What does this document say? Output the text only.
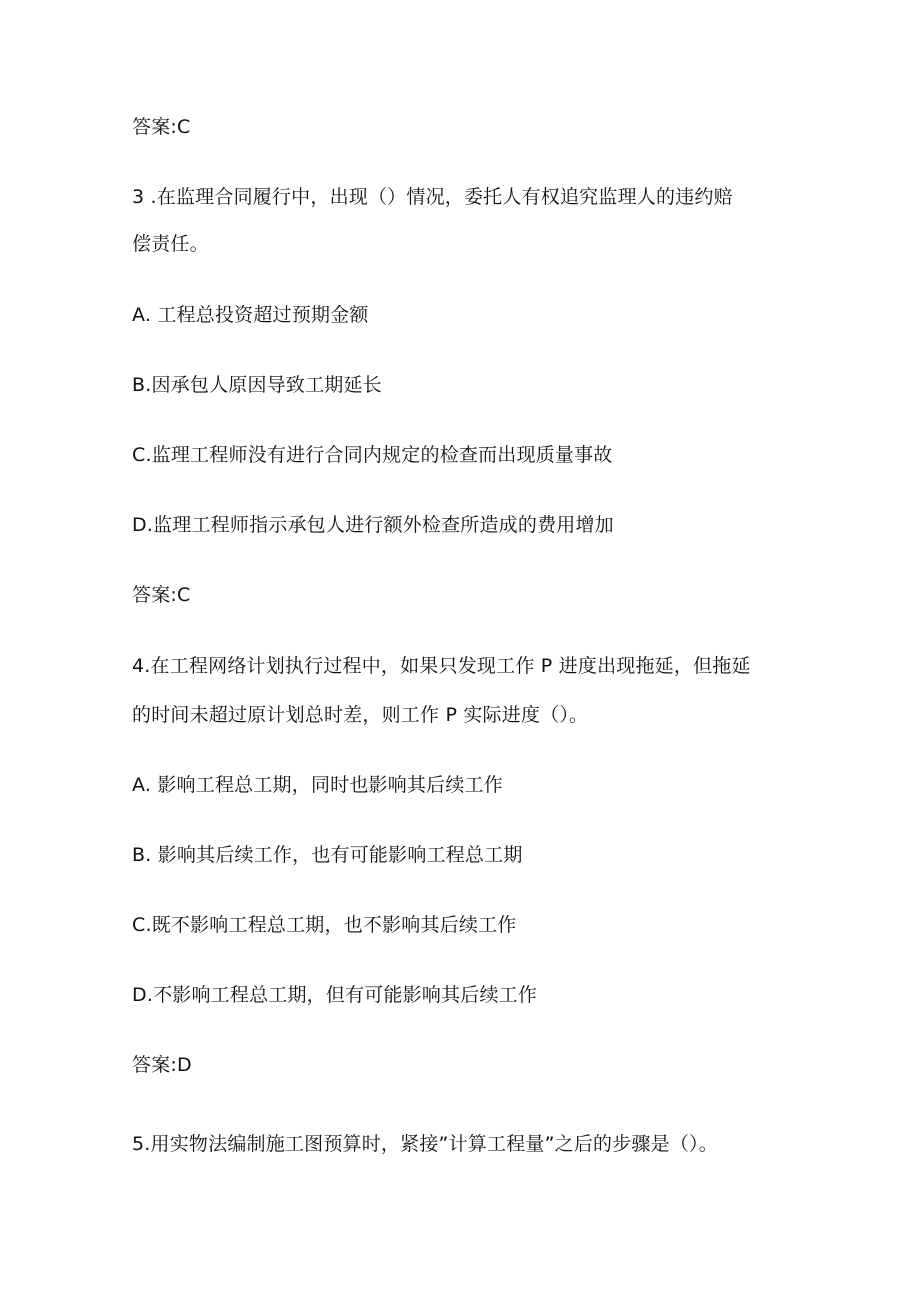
答案:C
3 .在监理合同履行中，出现（）情况，委托人有权追究监理人的违约赔
偿责任。
A. 工程总投资超过预期金额
B.因承包人原因导致工期延长
C.监理工程师没有进行合同内规定的检查而出现质量事故
D.监理工程师指示承包人进行额外检查所造成的费用增加
答案:C
4.在工程网络计划执行过程中，如果只发现工作 P 进度出现拖延，但拖延
的时间未超过原计划总时差，则工作 P 实际进度（）。
A. 影响工程总工期，同时也影响其后续工作
B. 影响其后续工作，也有可能影响工程总工期
C.既不影响工程总工期，也不影响其后续工作
D.不影响工程总工期，但有可能影响其后续工作
答案:D
5.用实物法编制施工图预算时，紧接”计算工程量”之后的步骤是（）。
